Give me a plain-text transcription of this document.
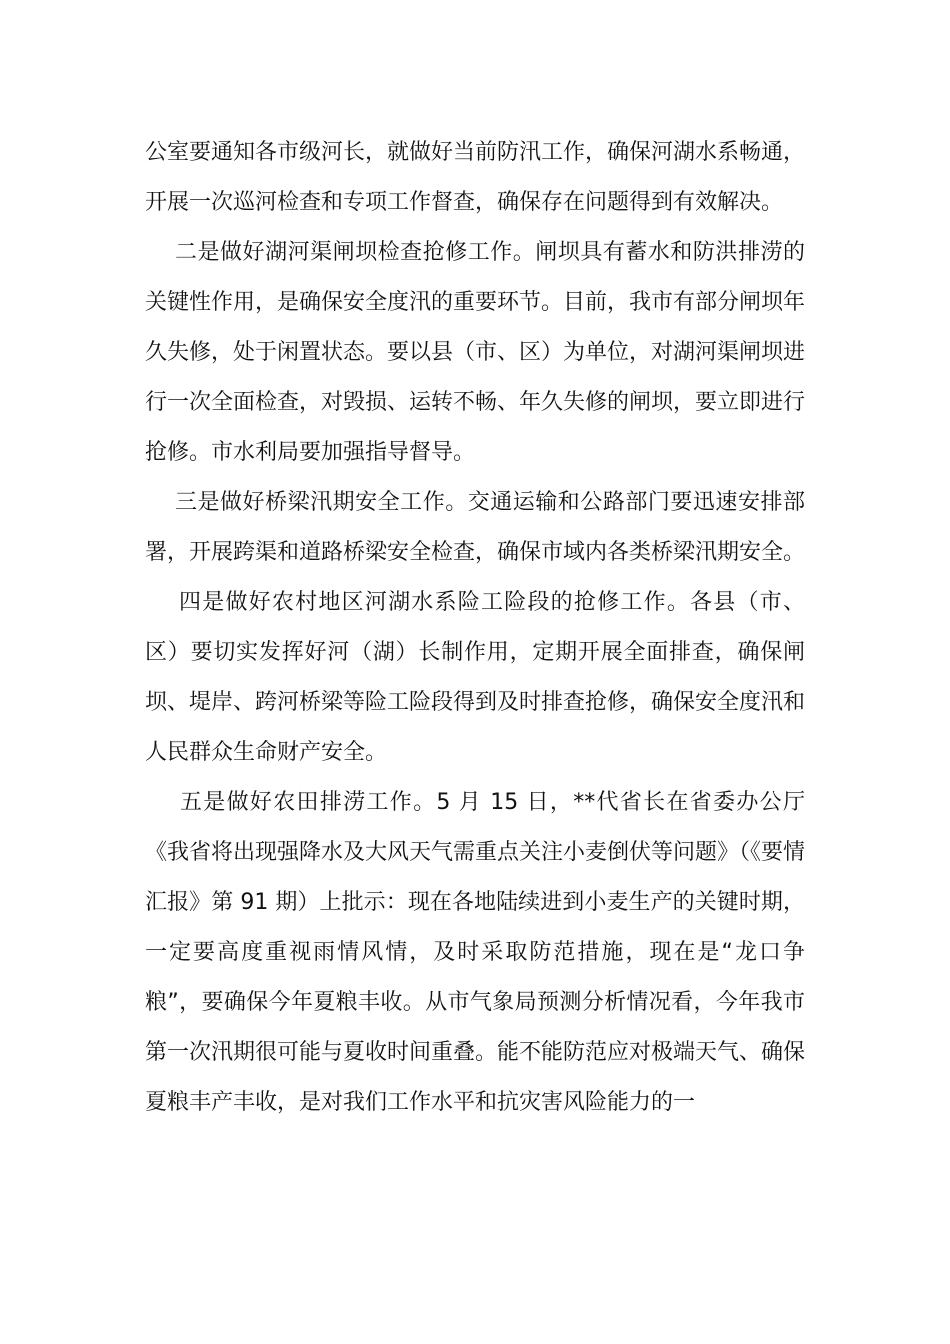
公室要通知各市级河长，就做好当前防汛工作，确保河湖水系畅通，开展一次巡河检查和专项工作督查，确保存在问题得到有效解决。

二是做好湖河渠闸坝检查抢修工作。闸坝具有蓄水和防洪排涝的关键性作用，是确保安全度汛的重要环节。目前，我市有部分闸坝年久失修，处于闲置状态。要以县（市、区）为单位，对湖河渠闸坝进行一次全面检查，对毁损、运转不畅、年久失修的闸坝，要立即进行抢修。市水利局要加强指导督导。

三是做好桥梁汛期安全工作。交通运输和公路部门要迅速安排部署，开展跨渠和道路桥梁安全检查，确保市域内各类桥梁汛期安全。

四是做好农村地区河湖水系险工险段的抢修工作。各县（市、区）要切实发挥好河（湖）长制作用，定期开展全面排查，确保闸坝、堤岸、跨河桥梁等险工险段得到及时排查抢修，确保安全度汛和人民群众生命财产安全。

五是做好农田排涝工作。5 月 15 日，**代省长在省委办公厅《我省将出现强降水及大风天气需重点关注小麦倒伏等问题》（《要情汇报》第 91 期）上批示：现在各地陆续进到小麦生产的关键时期，一定要高度重视雨情风情，及时采取防范措施，现在是“龙口争粮”，要确保今年夏粮丰收。从市气象局预测分析情况看，今年我市第一次汛期很可能与夏收时间重叠。能不能防范应对极端天气、确保夏粮丰产丰收，是对我们工作水平和抗灾害风险能力的一
